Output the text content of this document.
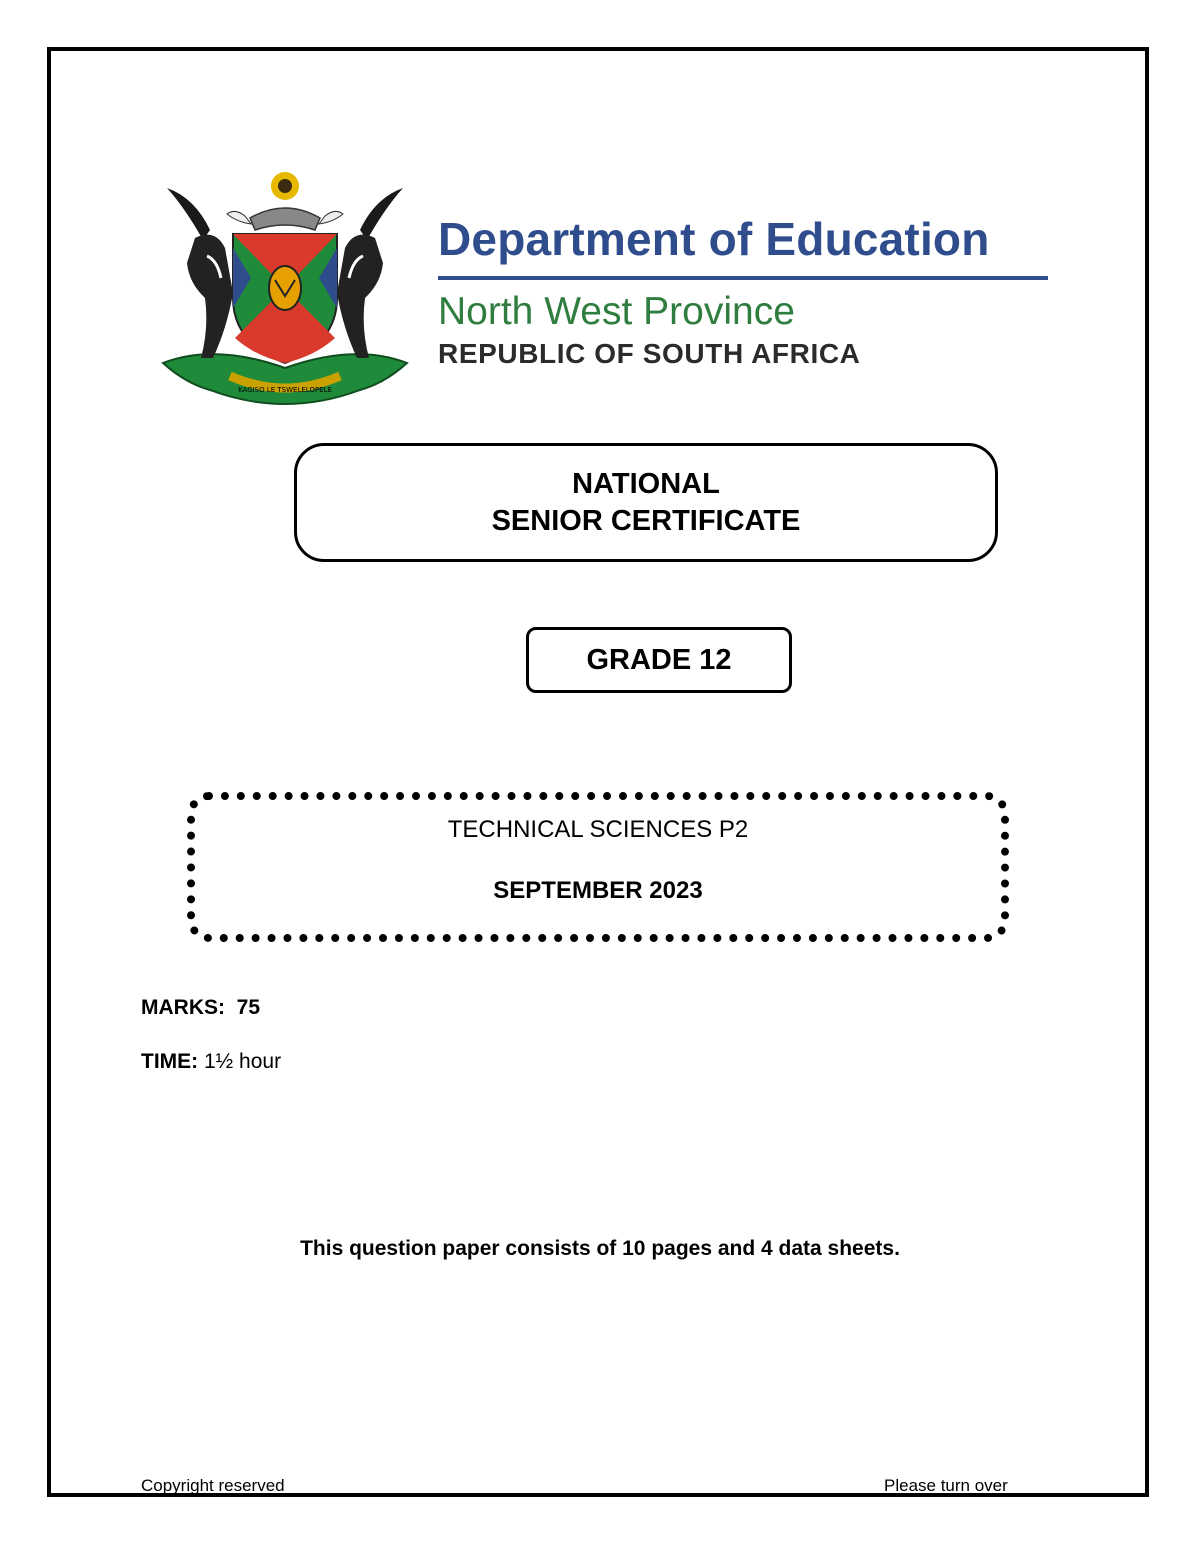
KAGISO LE TSWELELOPELE
Department of Education
North West Province
REPUBLIC OF SOUTH AFRICA
NATIONAL
SENIOR CERTIFICATE
GRADE 12
TECHNICAL SCIENCES P2
SEPTEMBER 2023
MARKS: 75
TIME: 1½ hour
This question paper consists of 10 pages and 4 data sheets.
Copyright reserved	Please turn over
